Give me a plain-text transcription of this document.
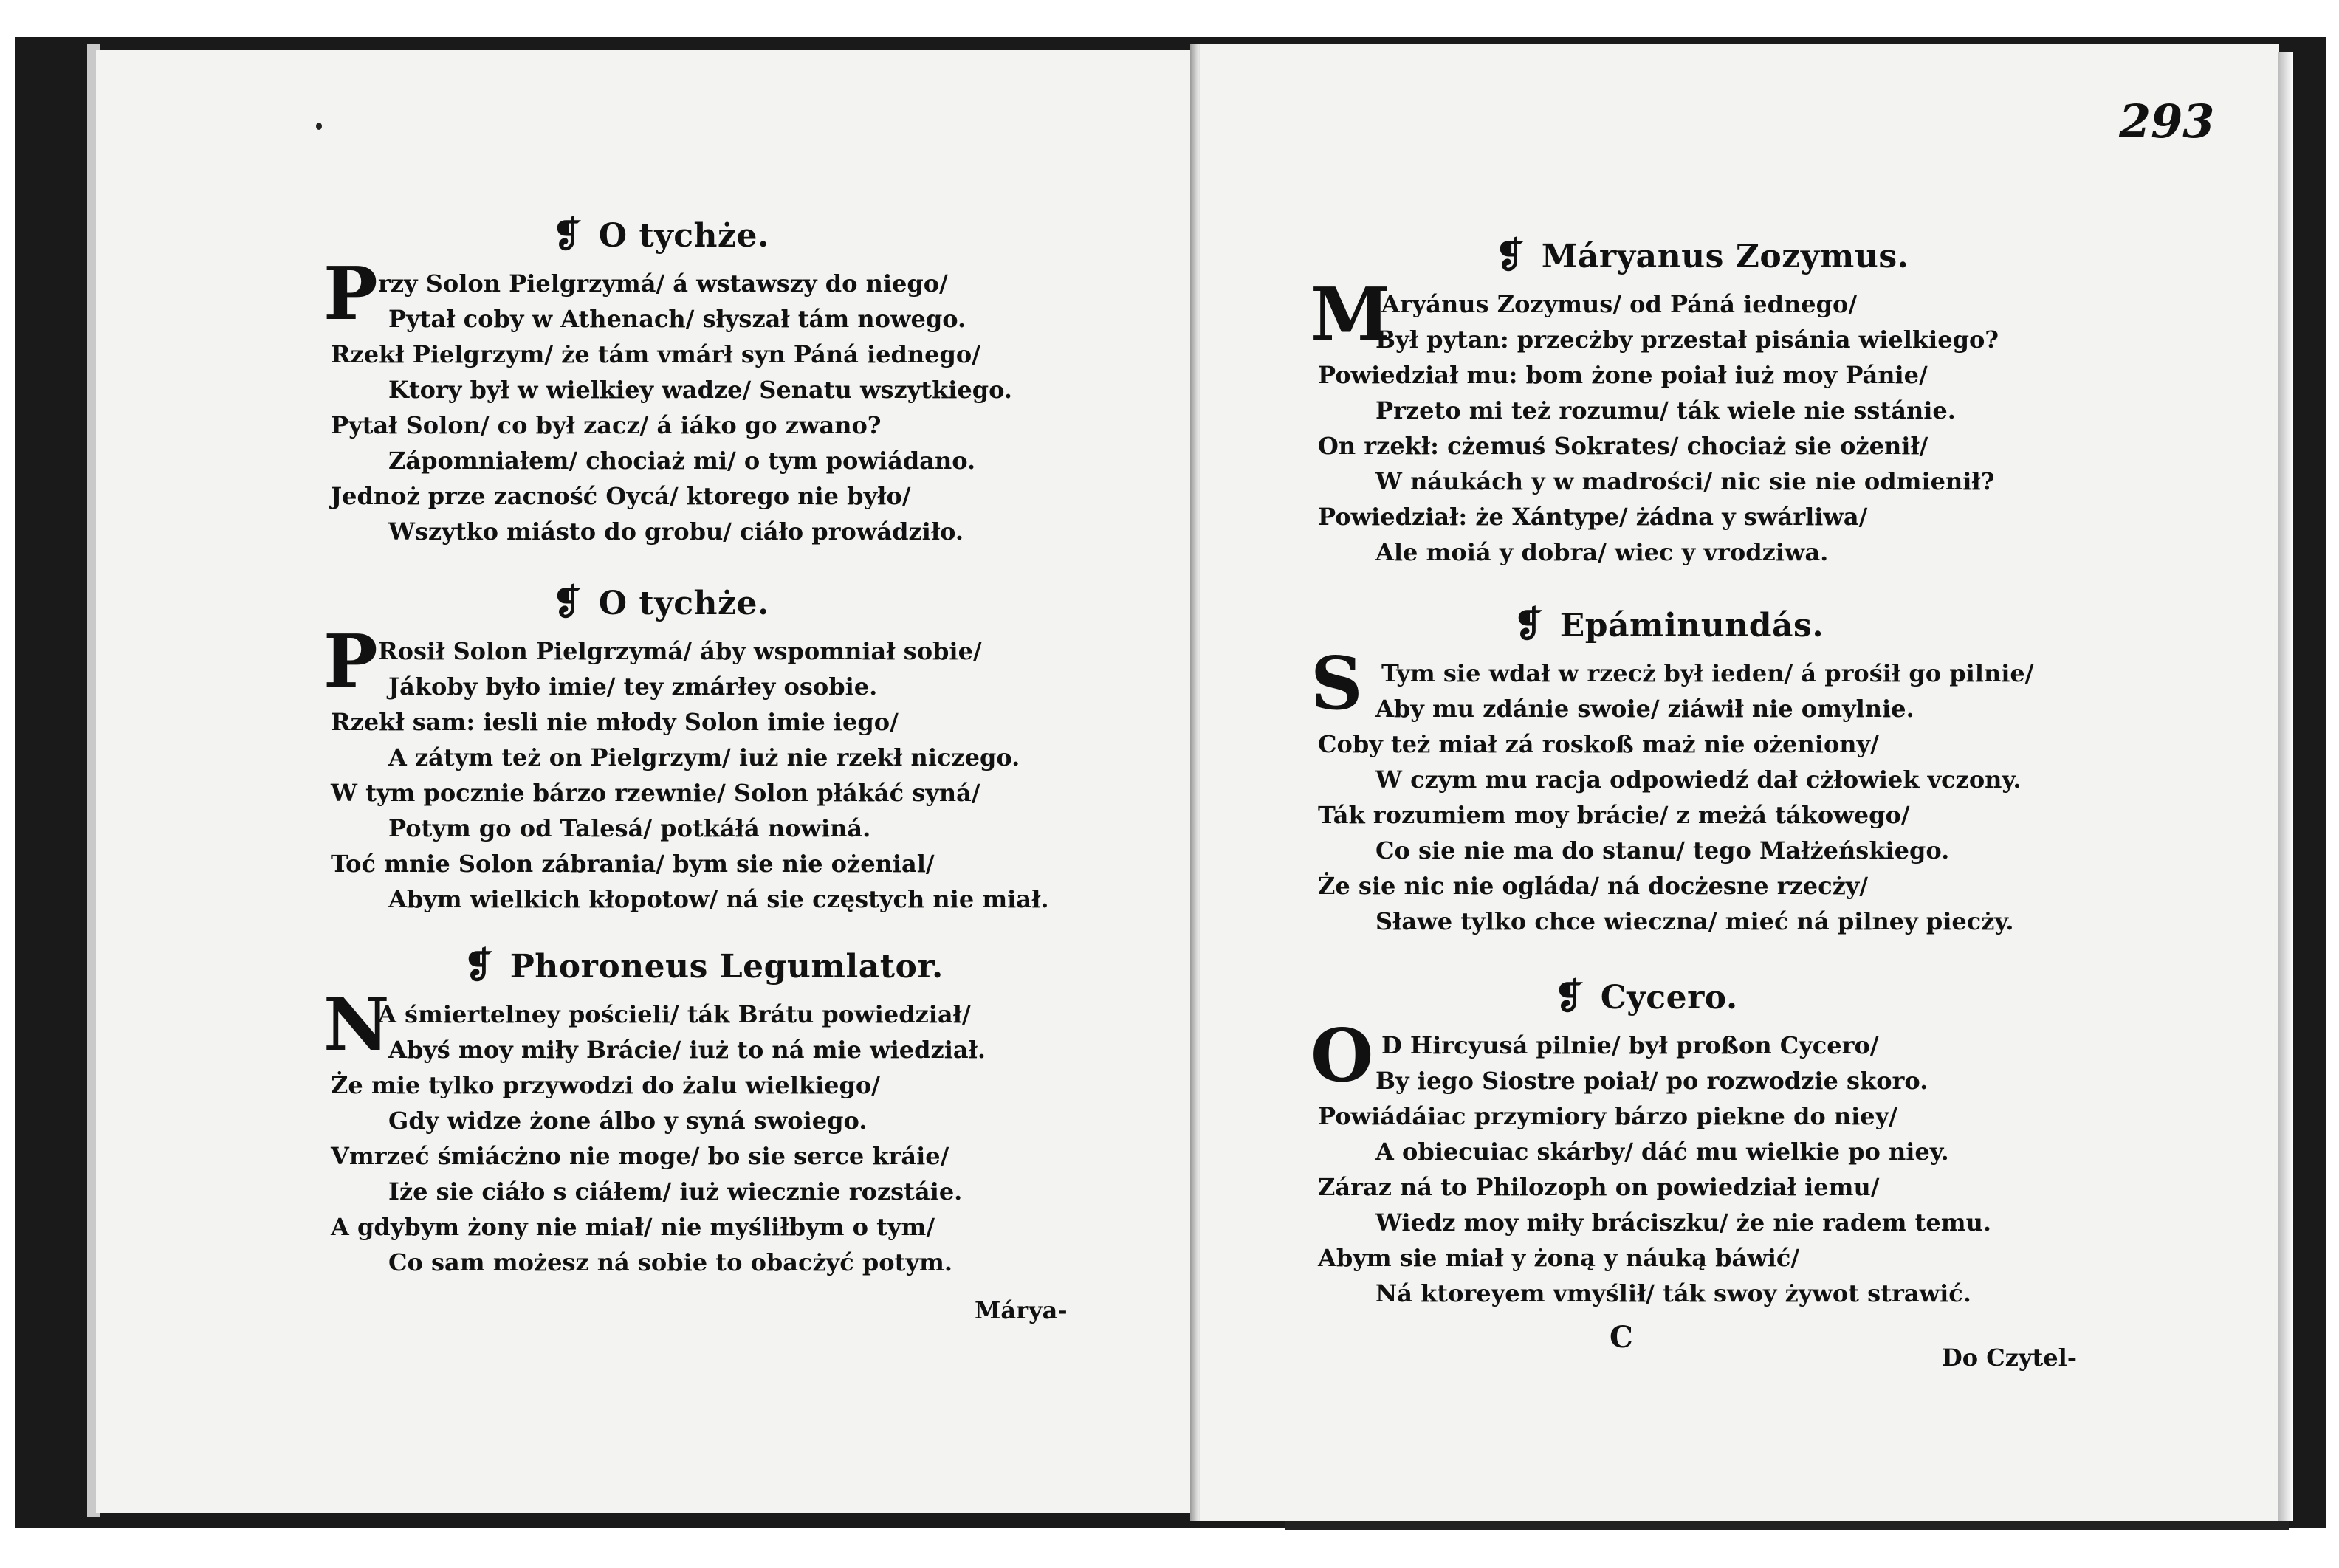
❡ O tychże.
P rzy Solon Pielgrzymá/ á wstawszy do niego/
Pytał coby w Athenach/ słyszał tám nowego.
Rzekł Pielgrzym/ że tám vmárł syn Páná iednego/
Ktory był w wielkiey wadze/ Senatu wszytkiego.
Pytał Solon/ co był zacz/ á iáko go zwano?
Zápomniałem/ chociaż mi/ o tym powiádano.
Jednoż prze zacność Oycá/ ktorego nie było/
Wszytko miásto do grobu/ ciáło prowádziło.
❡ O tychże.
P Rosił Solon Pielgrzymá/ áby wspomniał sobie/
Jákoby było imie/ tey zmárłey osobie.
Rzekł sam: iesli nie młody Solon imie iego/
A zátym też on Pielgrzym/ iuż nie rzekł niczego.
W tym pocznie bárzo rzewnie/ Solon płákáć syná/
Potym go od Talesá/ potkáłá nowiná.
Toć mnie Solon zábrania/ bym sie nie ożenial/
Abym wielkich kłopotow/ ná sie częstych nie miał.
❡ Phoroneus Legumlator.
N
A śmiertelney pościeli/ ták Brátu powiedział/
Abyś moy miły Brácie/ iuż to ná mie wiedział.
Że mie tylko przywodzi do żalu wielkiego/
Gdy widze żone álbo y syná swoiego.
Vmrzeć śmiácżno nie moge/ bo sie serce kráie/
Iże sie ciáło s ciáłem/ iuż wiecznie rozstáie.
A gdybym żony nie miał/ nie myśliłbym o tym/
Co sam możesz ná sobie to obacżyć potym.
Márya-
293
❡ Máryanus Zozymus.
M
Aryánus Zozymus/ od Páná iednego/
Był pytan: przecżby przestał pisánia wielkiego?
Powiedział mu: bom żone poiał iuż moy Pánie/
Przeto mi też rozumu/ ták wiele nie sstánie.
On rzekł: cżemuś Sokrates/ chociaż sie ożenił/
W náukách y w madrości/ nic sie nie odmienił?
Powiedział: że Xántype/ żádna y swárliwa/
Ale moiá y dobra/ wiec y vrodziwa.
❡ Epáminundás.
S Tym sie wdał w rzecż był ieden/ á prośił go pilnie/
Aby mu zdánie swoie/ ziáwił nie omylnie.
Coby też miał zá roskoß maż nie ożeniony/
W czym mu racja odpowiedź dał cżłowiek vczony.
Ták rozumiem moy brácie/ z meżá tákowego/
Co sie nie ma do stanu/ tego Małżeńskiego.
Że sie nic nie ogláda/ ná docżesne rzecży/
Sławe tylko chce wieczna/ mieć ná pilney piecży.
❡ Cycero.
O D Hircyusá pilnie/ był proßon Cycero/
By iego Siostre poiał/ po rozwodzie skoro.
Powiádáiac przymiory bárzo piekne do niey/
A obiecuiac skárby/ dáć mu wielkie po niey.
Záraz ná to Philozoph on powiedział iemu/
Wiedz moy miły bráciszku/ że nie radem temu.
Abym sie miał y żoną y náuką báwić/
Ná ktoreyem vmyślił/ ták swoy żywot strawić.
C
Do Czytel-
